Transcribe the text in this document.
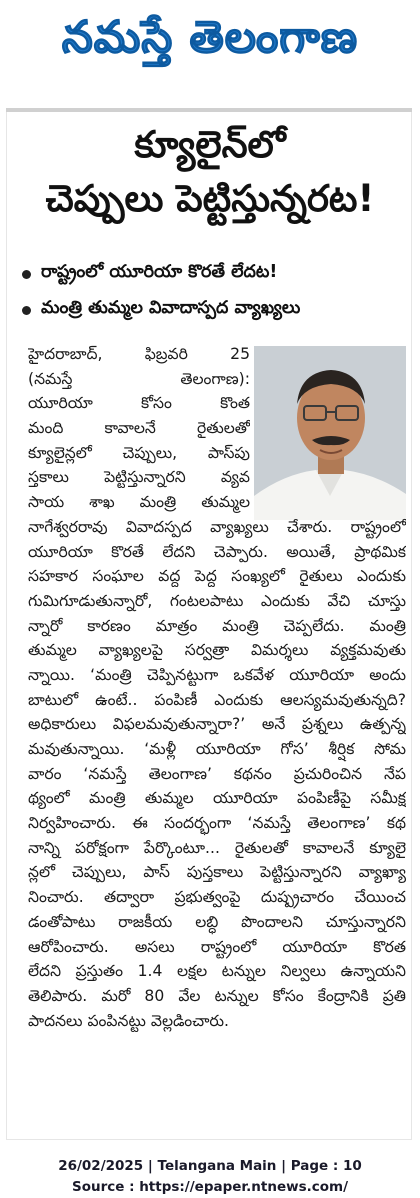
నమస్తే తెలంగాణ
క్యూలైన్‌లో
చెప్పులు పెట్టిస్తున్నరట!
రాష్ట్రంలో యూరియా కొరతే లేదట!
మంత్రి తుమ్మల వివాదాస్పద వ్యాఖ్యలు
హైదరాబాద్, ఫిబ్రవరి 25
(నమస్తే తెలంగాణ):
యూరియా కోసం కొంత
మంది కావాలనే రైతులతో
క్యూలైన్లలో చెప్పులు, పాస్‌పు
స్తకాలు పెట్టిస్తున్నారని వ్యవ
సాయ శాఖ మంత్రి తుమ్మల
నాగేశ్వరరావు వివాదస్పద వ్యాఖ్యలు చేశారు. రాష్ట్రంలో
యూరియా కొరతే లేదని చెప్పారు. అయితే, ప్రాథమిక
సహకార సంఘాల వద్ద పెద్ద సంఖ్యలో రైతులు ఎందుకు
గుమిగూడుతున్నారో, గంటలపాటు ఎందుకు వేచి చూస్తు
న్నారో కారణం మాత్రం మంత్రి చెప్పలేదు. మంత్రి
తుమ్మల వ్యాఖ్యలపై సర్వత్రా విమర్శలు వ్యక్తమవుతు
న్నాయి. ‘మంత్రి చెప్పినట్టుగా ఒకవేళ యూరియా అందు
బాటులో ఉంటే.. పంపిణీ ఎందుకు ఆలస్యమవుతున్నది?
అధికారులు విఫలమవుతున్నారా?’ అనే ప్రశ్నలు ఉత్పన్న
మవుతున్నాయి. ‘మళ్లీ యూరియా గోస’ శీర్షిక సోమ
వారం ‘నమస్తే తెలంగాణ’ కథనం ప్రచురించిన నేప
థ్యంలో మంత్రి తుమ్మల యూరియా పంపిణీపై సమీక్ష
నిర్వహించారు. ఈ సందర్భంగా ‘నమస్తే తెలంగాణ’ కథ
నాన్ని పరోక్షంగా పేర్కొంటూ... రైతులతో కావాలనే క్యూలై
న్లలో చెప్పులు, పాస్ పుస్తకాలు పెట్టిస్తున్నారని వ్యాఖ్యా
నించారు. తద్వారా ప్రభుత్వంపై దుష్ప్రచారం చేయించ
డంతోపాటు రాజకీయ లబ్ధి పొందాలని చూస్తున్నారని
ఆరోపించారు. అసలు రాష్ట్రంలో యూరియా కొరత
లేదని ప్రస్తుతం 1.4 లక్షల టన్నుల నిల్వలు ఉన్నాయని
తెలిపారు. మరో 80 వేల టన్నుల కోసం కేంద్రానికి ప్రతి
పాదనలు పంపినట్టు వెల్లడించారు.
26/02/2025 | Telangana Main | Page : 10
Source : https://epaper.ntnews.com/
